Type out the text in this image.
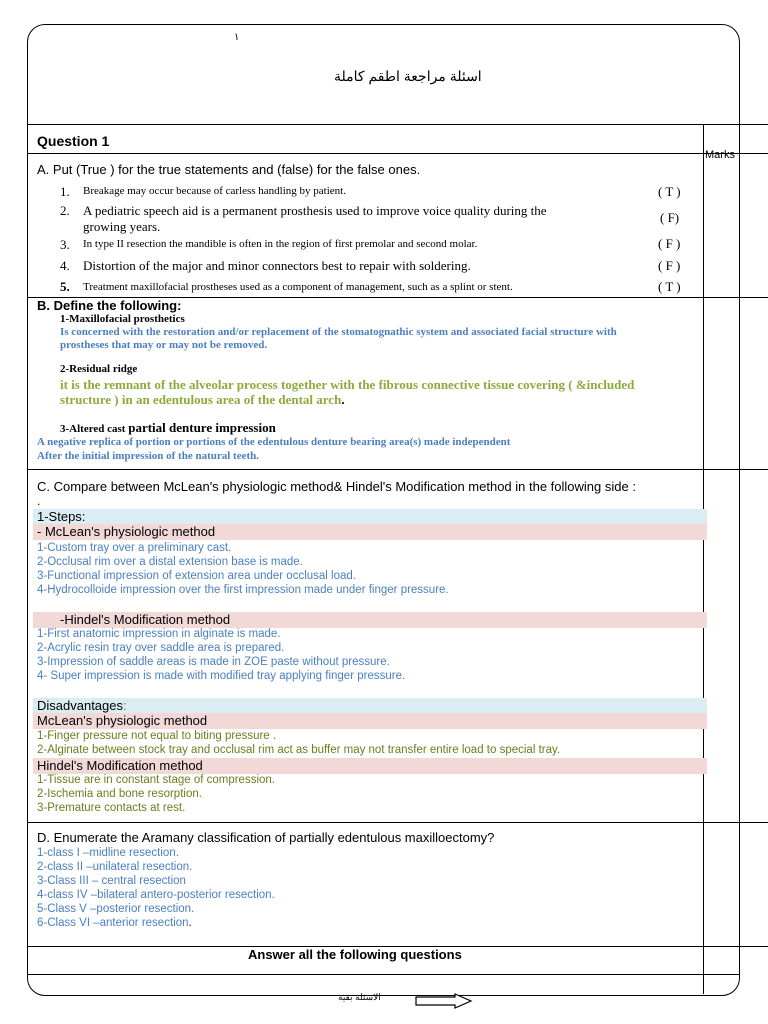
١
اسئلة مراجعة اطقم كاملة
Question 1
Marks
A. Put (True ) for the true statements and (false) for the false ones.
1. Breakage may occur because of carless handling by patient.	( T )
2. A pediatric speech aid is a permanent prosthesis used to improve voice quality during the
growing years.
( F)
3. In type II resection the mandible is often in the region of first premolar and second molar.	( F )
4. Distortion of the major and minor connectors best to repair with soldering.	( F )
5. Treatment maxillofacial prostheses used as a component of management, such as a splint or stent.	( T )
B. Define the following:
1-Maxillofacial prosthetics
Is concerned with the restoration and/or replacement of the stomatognathic system and associated facial structure with
prostheses that may or may not be removed.
2-Residual ridge
it is the remnant of the alveolar process together with the fibrous connective tissue covering ( &included
structure ) in an edentulous area of the dental arch.
3-Altered cast partial denture impression
A negative replica of portion or portions of the edentulous denture bearing area(s) made independent
After the initial impression of the natural teeth.
C. Compare between McLean's physiologic method& Hindel's Modification method in the following side :
.
1-Steps:
- McLean's physiologic method
1-Custom tray over a preliminary cast.
2-Occlusal rim over a distal extension base is made.
3-Functional impression of extension area under occlusal load.
4-Hydrocolloide impression over the first impression made under finger pressure.
-Hindel's Modification method
1-First anatomic impression in alginate is made.
2-Acrylic resin tray over saddle area is prepared.
3-Impression of saddle areas is made in ZOE paste without pressure.
4- Super impression is made with modified tray applying finger pressure.
Disadvantages:
McLean's physiologic method
1-Finger pressure not equal to biting pressure .
2-Alginate between stock tray and occlusal rim act as buffer may not transfer entire load to special tray.
Hindel's Modification method
1-Tissue are in constant stage of compression.
2-Ischemia and bone resorption.
3-Premature contacts at rest.
D. Enumerate the Aramany classification of partially edentulous maxilloectomy?
1-class I –midline resection.
2-class II –unilateral resection.
3-Class III – central resection
4-class IV –bilateral antero-posterior resection.
5-Class V –posterior resection.
6-Class VI –anterior resection.
Answer all the following questions
الاسئلة بقية
